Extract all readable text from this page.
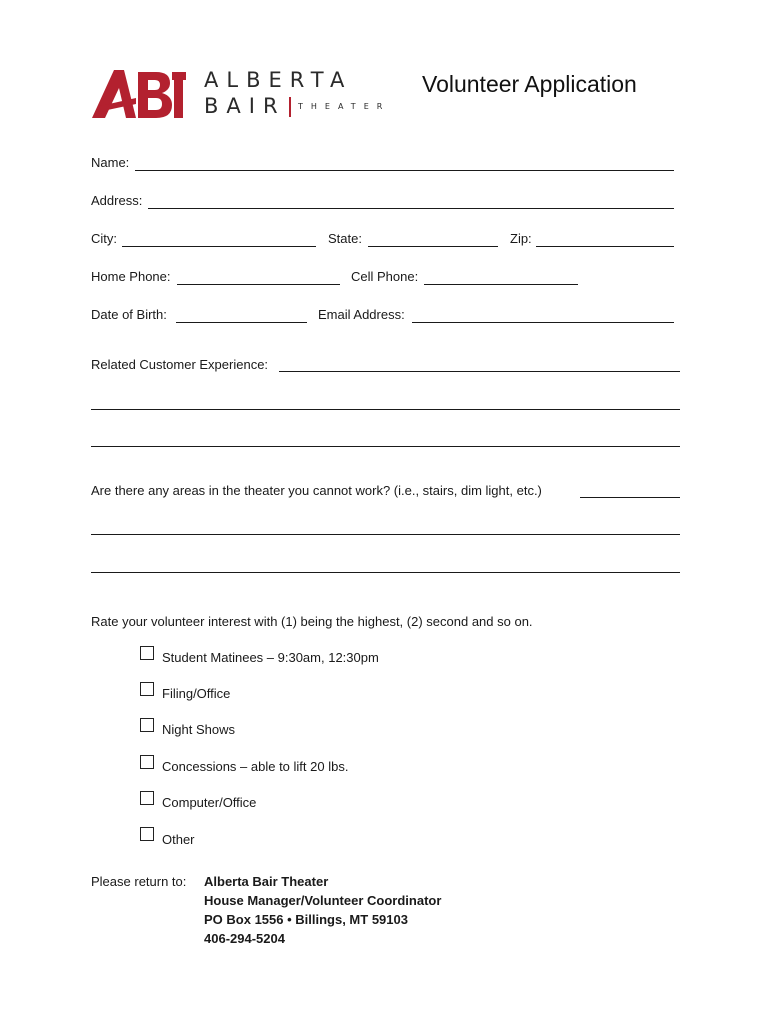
ALBERTA
BAIR THEATER
Volunteer Application
Name:
Address:
City:	State:	Zip:
Home Phone:	Cell Phone:
Date of Birth:	Email Address:
Related Customer Experience:
Are there any areas in the theater you cannot work? (i.e., stairs, dim light, etc.)
Rate your volunteer interest with (1) being the highest, (2) second and so on.
Student Matinees – 9:30am, 12:30pm
Filing/Office
Night Shows
Concessions – able to lift 20 lbs.
Computer/Office
Other
Please return to: Alberta Bair Theater
House Manager/Volunteer Coordinator
PO Box 1556 • Billings, MT 59103
406-294-5204
